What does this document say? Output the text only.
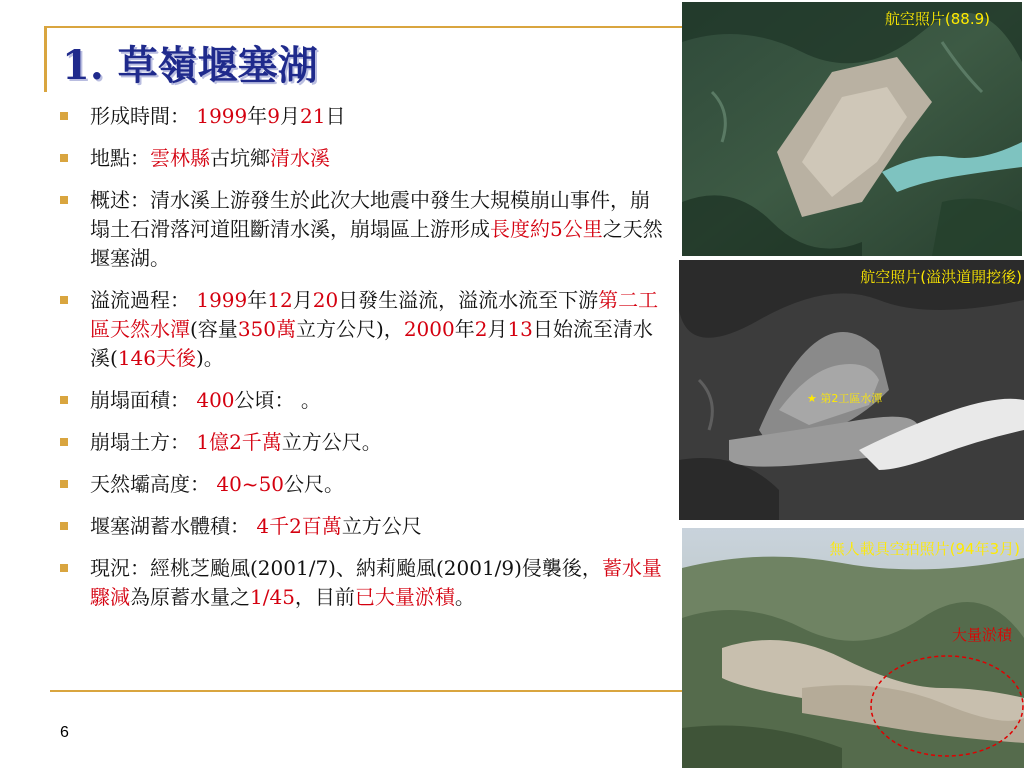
1. 草嶺堰塞湖
形成時間： 1999年9月21日
地點：雲林縣古坑鄉清水溪
概述：清水溪上游發生於此次大地震中發生大規模崩山事件，崩塌土石滑落河道阻斷清水溪，崩塌區上游形成長度約5公里之天然堰塞湖。
溢流過程： 1999年12月20日發生溢流，溢流水流至下游第二工區天然水潭(容量350萬立方公尺)，2000年2月13日始流至清水溪(146天後)。
崩塌面積： 400公頃： 。
崩塌土方： 1億2千萬立方公尺。
天然壩高度： 40~50公尺。
堰塞湖蓄水體積： 4千2百萬立方公尺
現況：經桃芝颱風(2001/7)、納莉颱風(2001/9)侵襲後，蓄水量驟減為原蓄水量之1/45，目前已大量淤積。
6
航空照片(88.9)
航空照片(溢洪道開挖後)
★ 第2工區水潭
無人載具空拍照片(94年3月)
大量淤積
